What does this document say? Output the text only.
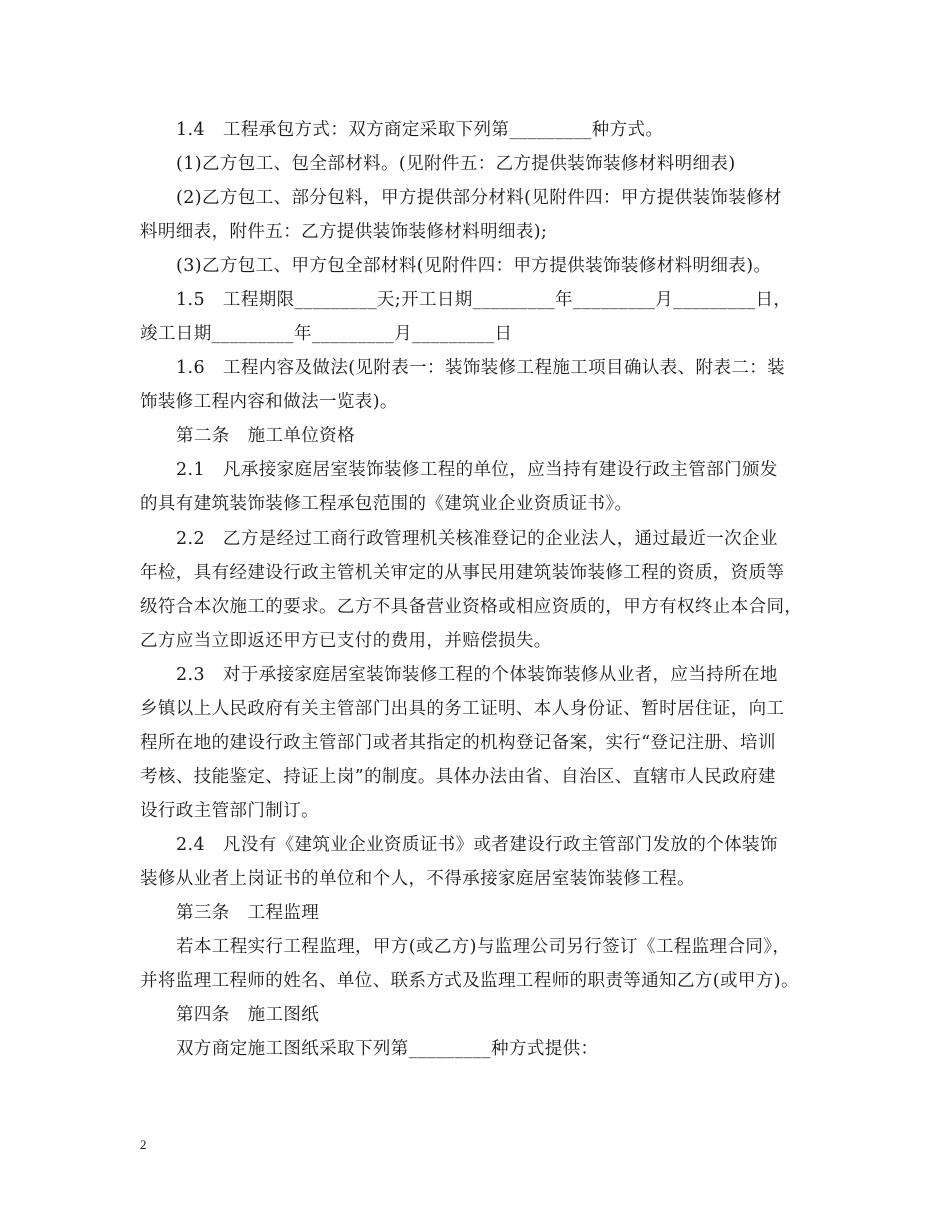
1.4　工程承包方式：双方商定采取下列第_________种方式。
(1)乙方包工、包全部材料。(见附件五：乙方提供装饰装修材料明细表)
(2)乙方包工、部分包料，甲方提供部分材料(见附件四：甲方提供装饰装修材
料明细表，附件五：乙方提供装饰装修材料明细表);
(3)乙方包工、甲方包全部材料(见附件四：甲方提供装饰装修材料明细表)。
1.5　工程期限_________天;开工日期_________年_________月_________日，
竣工日期_________年_________月_________日
1.6　工程内容及做法(见附表一：装饰装修工程施工项目确认表、附表二：装
饰装修工程内容和做法一览表)。
第二条　施工单位资格
2.1　凡承接家庭居室装饰装修工程的单位，应当持有建设行政主管部门颁发
的具有建筑装饰装修工程承包范围的《建筑业企业资质证书》。
2.2　乙方是经过工商行政管理机关核准登记的企业法人，通过最近一次企业
年检，具有经建设行政主管机关审定的从事民用建筑装饰装修工程的资质，资质等
级符合本次施工的要求。乙方不具备营业资格或相应资质的，甲方有权终止本合同，
乙方应当立即返还甲方已支付的费用，并赔偿损失。
2.3　对于承接家庭居室装饰装修工程的个体装饰装修从业者，应当持所在地
乡镇以上人民政府有关主管部门出具的务工证明、本人身份证、暂时居住证，向工
程所在地的建设行政主管部门或者其指定的机构登记备案，实行“登记注册、培训
考核、技能鉴定、持证上岗”的制度。具体办法由省、自治区、直辖市人民政府建
设行政主管部门制订。
2.4　凡没有《建筑业企业资质证书》或者建设行政主管部门发放的个体装饰
装修从业者上岗证书的单位和个人，不得承接家庭居室装饰装修工程。
第三条　工程监理
若本工程实行工程监理，甲方(或乙方)与监理公司另行签订《工程监理合同》，
并将监理工程师的姓名、单位、联系方式及监理工程师的职责等通知乙方(或甲方)。
第四条　施工图纸
双方商定施工图纸采取下列第_________种方式提供：
2
